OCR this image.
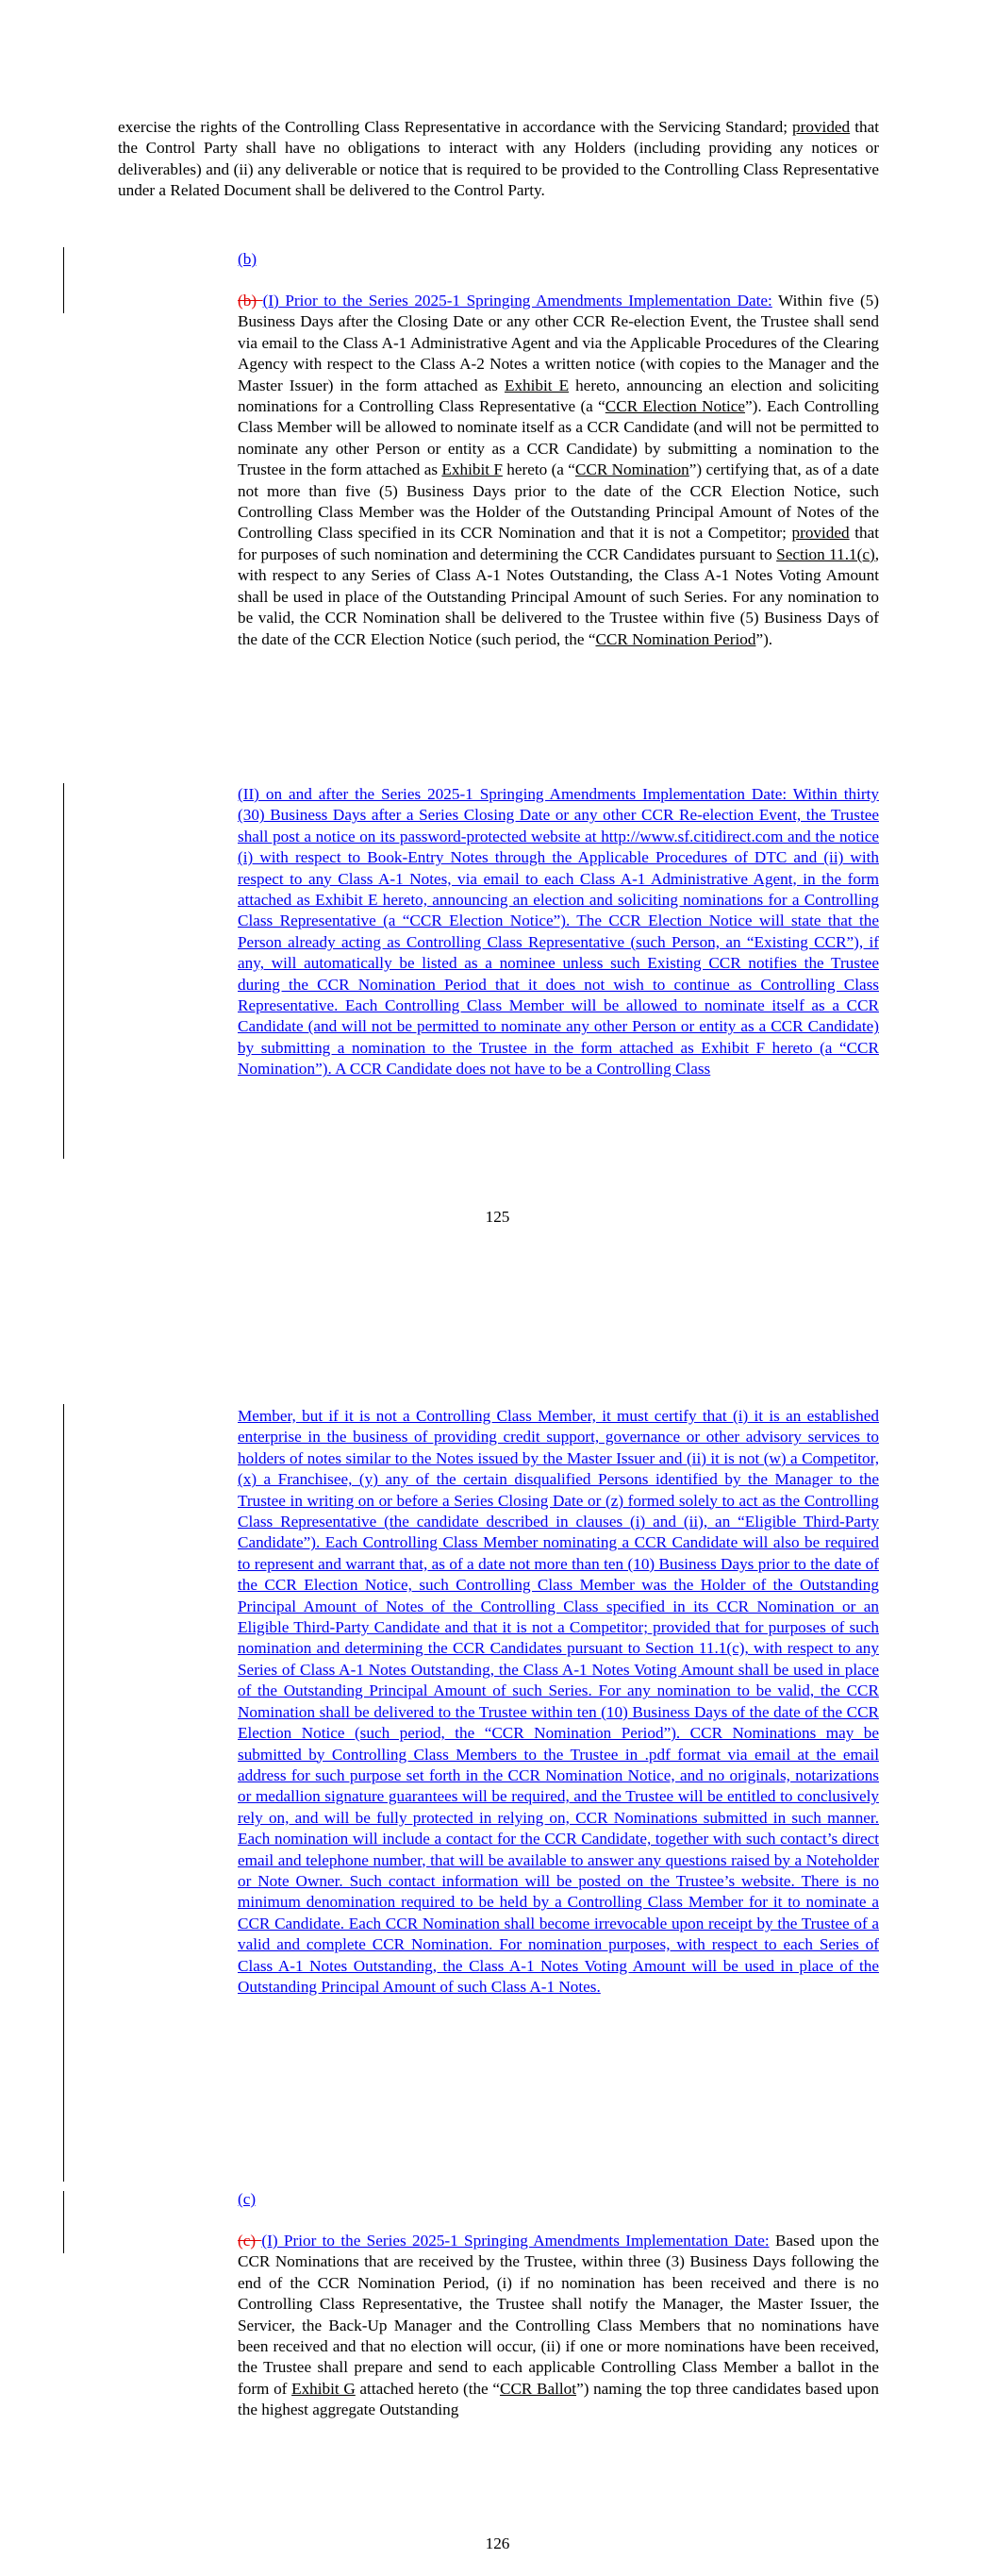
exercise the rights of the Controlling Class Representative in accordance with the Servicing Standard; provided that the Control Party shall have no obligations to interact with any Holders (including providing any notices or deliverables) and (ii) any deliverable or notice that is required to be provided to the Controlling Class Representative under a Related Document shall be delivered to the Control Party.

(b)

(b) (I) Prior to the Series 2025-1 Springing Amendments Implementation Date: Within five (5) Business Days after the Closing Date or any other CCR Re-election Event, the Trustee shall send via email to the Class A-1 Administrative Agent and via the Applicable Procedures of the Clearing Agency with respect to the Class A-2 Notes a written notice (with copies to the Manager and the Master Issuer) in the form attached as Exhibit E hereto, announcing an election and soliciting nominations for a Controlling Class Representative (a “CCR Election Notice”). Each Controlling Class Member will be allowed to nominate itself as a CCR Candidate (and will not be permitted to nominate any other Person or entity as a CCR Candidate) by submitting a nomination to the Trustee in the form attached as Exhibit F hereto (a “CCR Nomination”) certifying that, as of a date not more than five (5) Business Days prior to the date of the CCR Election Notice, such Controlling Class Member was the Holder of the Outstanding Principal Amount of Notes of the Controlling Class specified in its CCR Nomination and that it is not a Competitor; provided that for purposes of such nomination and determining the CCR Candidates pursuant to Section 11.1(c), with respect to any Series of Class A-1 Notes Outstanding, the Class A-1 Notes Voting Amount shall be used in place of the Outstanding Principal Amount of such Series. For any nomination to be valid, the CCR Nomination shall be delivered to the Trustee within five (5) Business Days of the date of the CCR Election Notice (such period, the “CCR Nomination Period”).

(II) on and after the Series 2025-1 Springing Amendments Implementation Date: Within thirty (30) Business Days after a Series Closing Date or any other CCR Re-election Event, the Trustee shall post a notice on its password-protected website at http://www.sf.citidirect.com and the notice (i) with respect to Book-Entry Notes through the Applicable Procedures of DTC and (ii) with respect to any Class A-1 Notes, via email to each Class A-1 Administrative Agent, in the form attached as Exhibit E hereto, announcing an election and soliciting nominations for a Controlling Class Representative (a “CCR Election Notice”). The CCR Election Notice will state that the Person already acting as Controlling Class Representative (such Person, an “Existing CCR”), if any, will automatically be listed as a nominee unless such Existing CCR notifies the Trustee during the CCR Nomination Period that it does not wish to continue as Controlling Class Representative. Each Controlling Class Member will be allowed to nominate itself as a CCR Candidate (and will not be permitted to nominate any other Person or entity as a CCR Candidate) by submitting a nomination to the Trustee in the form attached as Exhibit F hereto (a “CCR Nomination”). A CCR Candidate does not have to be a Controlling Class

125

Member, but if it is not a Controlling Class Member, it must certify that (i) it is an established enterprise in the business of providing credit support, governance or other advisory services to holders of notes similar to the Notes issued by the Master Issuer and (ii) it is not (w) a Competitor, (x) a Franchisee, (y) any of the certain disqualified Persons identified by the Manager to the Trustee in writing on or before a Series Closing Date or (z) formed solely to act as the Controlling Class Representative (the candidate described in clauses (i) and (ii), an “Eligible Third-Party Candidate”). Each Controlling Class Member nominating a CCR Candidate will also be required to represent and warrant that, as of a date not more than ten (10) Business Days prior to the date of the CCR Election Notice, such Controlling Class Member was the Holder of the Outstanding Principal Amount of Notes of the Controlling Class specified in its CCR Nomination or an Eligible Third-Party Candidate and that it is not a Competitor; provided that for purposes of such nomination and determining the CCR Candidates pursuant to Section 11.1(c), with respect to any Series of Class A-1 Notes Outstanding, the Class A-1 Notes Voting Amount shall be used in place of the Outstanding Principal Amount of such Series. For any nomination to be valid, the CCR Nomination shall be delivered to the Trustee within ten (10) Business Days of the date of the CCR Election Notice (such period, the “CCR Nomination Period”). CCR Nominations may be submitted by Controlling Class Members to the Trustee in .pdf format via email at the email address for such purpose set forth in the CCR Nomination Notice, and no originals, notarizations or medallion signature guarantees will be required, and the Trustee will be entitled to conclusively rely on, and will be fully protected in relying on, CCR Nominations submitted in such manner. Each nomination will include a contact for the CCR Candidate, together with such contact’s direct email and telephone number, that will be available to answer any questions raised by a Noteholder or Note Owner. Such contact information will be posted on the Trustee’s website. There is no minimum denomination required to be held by a Controlling Class Member for it to nominate a CCR Candidate. Each CCR Nomination shall become irrevocable upon receipt by the Trustee of a valid and complete CCR Nomination. For nomination purposes, with respect to each Series of Class A-1 Notes Outstanding, the Class A-1 Notes Voting Amount will be used in place of the Outstanding Principal Amount of such Class A-1 Notes.

(c)

(c) (I) Prior to the Series 2025-1 Springing Amendments Implementation Date: Based upon the CCR Nominations that are received by the Trustee, within three (3) Business Days following the end of the CCR Nomination Period, (i) if no nomination has been received and there is no Controlling Class Representative, the Trustee shall notify the Manager, the Master Issuer, the Servicer, the Back-Up Manager and the Controlling Class Members that no nominations have been received and that no election will occur, (ii) if one or more nominations have been received, the Trustee shall prepare and send to each applicable Controlling Class Member a ballot in the form of Exhibit G attached hereto (the “CCR Ballot”) naming the top three candidates based upon the highest aggregate Outstanding

126
